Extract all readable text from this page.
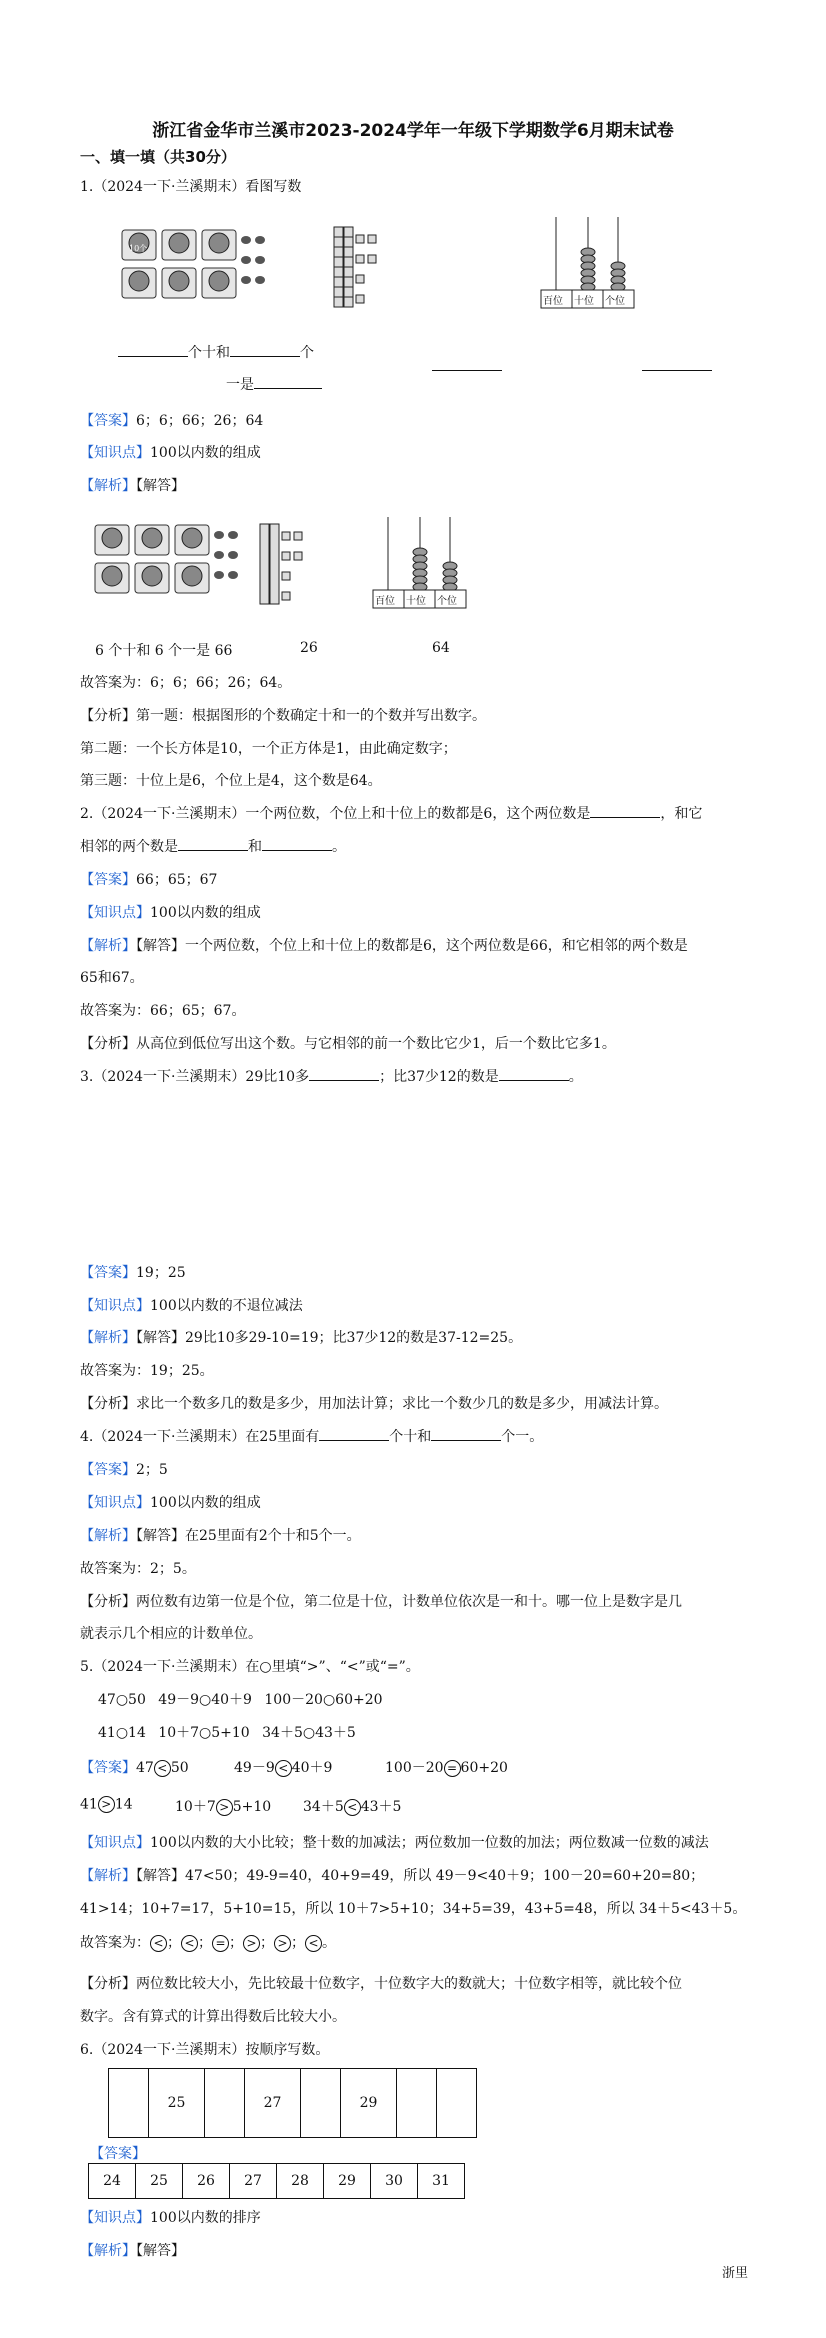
浙江省金华市兰溪市2023-2024学年一年级下学期数学6月期末试卷
一、填一填（共30分）
1.（2024一下·兰溪期末）看图写数
10个
百位 十位 个位
个十和	个
一是
【答案】6；6；66；26；64
【知识点】100以内数的组成
【解析】【解答】
百位 十位 个位
6 个十和 6 个一是 66	26	64
故答案为：6；6；66；26；64。
【分析】第一题：根据图形的个数确定十和一的个数并写出数字。
第二题：一个长方体是10，一个正方体是1，由此确定数字；
第三题：十位上是6，个位上是4，这个数是64。
2.（2024一下·兰溪期末）一个两位数，个位上和十位上的数都是6，这个两位数是	，和它
相邻的两个数是	和	。
【答案】66；65；67
【知识点】100以内数的组成
【解析】【解答】一个两位数，个位上和十位上的数都是6，这个两位数是66，和它相邻的两个数是
65和67。
故答案为：66；65；67。
【分析】从高位到低位写出这个数。与它相邻的前一个数比它少1，后一个数比它多1。
3.（2024一下·兰溪期末）29比10多	；比37少12的数是	。
【答案】19；25
【知识点】100以内数的不退位减法
【解析】【解答】29比10多29-10=19；比37少12的数是37-12=25。
故答案为：19；25。
【分析】求比一个数多几的数是多少，用加法计算；求比一个数少几的数是多少，用减法计算。
4.（2024一下·兰溪期末）在25里面有	个十和	个一。
【答案】2；5
【知识点】100以内数的组成
【解析】【解答】在25里面有2个十和5个一。
故答案为：2；5。
【分析】两位数有边第一位是个位，第二位是十位，计数单位依次是一和十。哪一位上是数字是几
就表示几个相应的计数单位。
5.（2024一下·兰溪期末）在○里填“>”、“<”或“=”。
47○50 49－9○40＋9 100－20○60+20
41○14 10＋7○5+10 34＋5○43＋5
【答案】47 < 50	49－9 < 40＋9	100－20 = 60+20
41 > 14	10＋7 > 5+10 34＋5 < 43＋5
【知识点】100以内数的大小比较；整十数的加减法；两位数加一位数的加法；两位数减一位数的减法
【解析】【解答】47<50；49-9=40，40+9=49，所以 49－9<40＋9；100－20=60+20=80；
41>14；10+7=17，5+10=15，所以 10＋7>5+10；34+5=39，43+5=48，所以 34＋5<43＋5。
故答案为： < ； < ； = ； > ； > ； < 。
【分析】两位数比较大小，先比较最十位数字，十位数字大的数就大；十位数字相等，就比较个位
数字。含有算式的计算出得数后比较大小。
6.（2024一下·兰溪期末）按顺序写数。
	25		27		29		
【答案】
24	25	26	27	28	29	30	31
【知识点】100以内数的排序
【解析】【解答】
浙里
